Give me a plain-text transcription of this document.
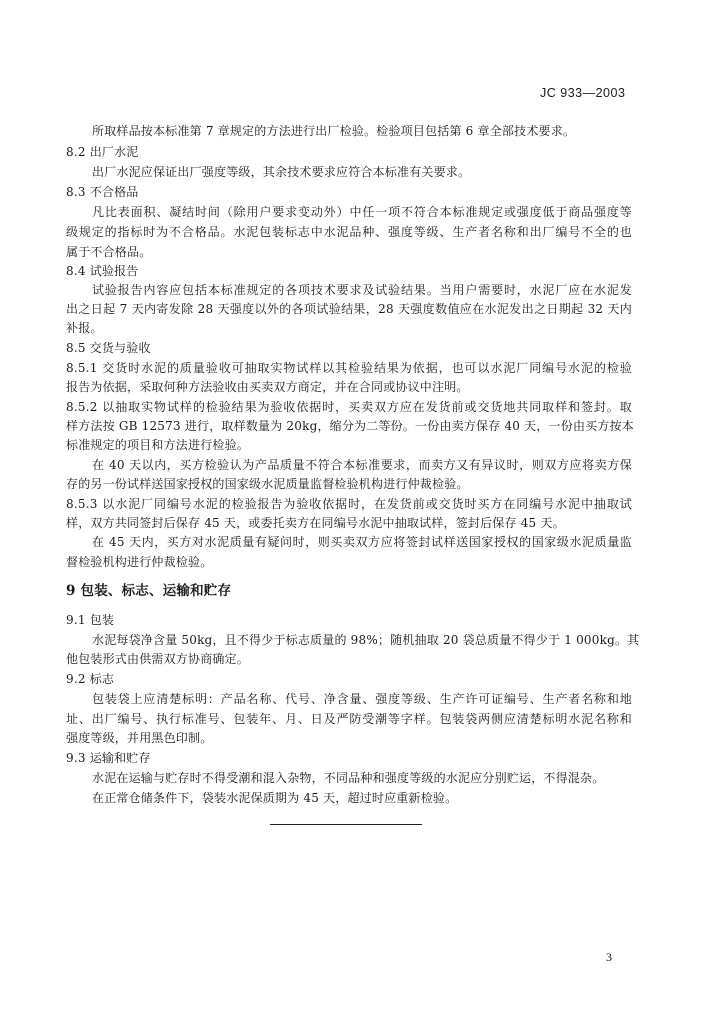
JC 933—2003
所取样品按本标准第 7 章规定的方法进行出厂检验。检验项目包括第 6 章全部技术要求。
8.2 出厂水泥
出厂水泥应保证出厂强度等级，其余技术要求应符合本标准有关要求。
8.3 不合格品
凡比表面积、凝结时间（除用户要求变动外）中任一项不符合本标准规定或强度低于商品强度等
级规定的指标时为不合格品。水泥包装标志中水泥品种、强度等级、生产者名称和出厂编号不全的也
属于不合格品。
8.4 试验报告
试验报告内容应包括本标准规定的各项技术要求及试验结果。当用户需要时，水泥厂应在水泥发
出之日起 7 天内寄发除 28 天强度以外的各项试验结果，28 天强度数值应在水泥发出之日期起 32 天内
补报。
8.5 交货与验收
8.5.1 交货时水泥的质量验收可抽取实物试样以其检验结果为依据，也可以水泥厂同编号水泥的检验
报告为依据，采取何种方法验收由买卖双方商定，并在合同或协议中注明。
8.5.2 以抽取实物试样的检验结果为验收依据时，买卖双方应在发货前或交货地共同取样和签封。取
样方法按 GB 12573 进行，取样数量为 20kg，缩分为二等份。一份由卖方保存 40 天，一份由买方按本
标准规定的项目和方法进行检验。
在 40 天以内，买方检验认为产品质量不符合本标准要求，而卖方又有异议时，则双方应将卖方保
存的另一份试样送国家授权的国家级水泥质量监督检验机构进行仲裁检验。
8.5.3 以水泥厂同编号水泥的检验报告为验收依据时，在发货前或交货时买方在同编号水泥中抽取试
样，双方共同签封后保存 45 天，或委托卖方在同编号水泥中抽取试样，签封后保存 45 天。
在 45 天内，买方对水泥质量有疑问时，则买卖双方应将签封试样送国家授权的国家级水泥质量监
督检验机构进行仲裁检验。
9 包装、标志、运输和贮存
9.1 包装
水泥每袋净含量 50kg，且不得少于标志质量的 98%；随机抽取 20 袋总质量不得少于 1 000kg。其
他包装形式由供需双方协商确定。
9.2 标志
包装袋上应清楚标明：产品名称、代号、净含量、强度等级、生产许可证编号、生产者名称和地
址、出厂编号、执行标准号、包装年、月、日及严防受潮等字样。包装袋两侧应清楚标明水泥名称和
强度等级，并用黑色印制。
9.3 运输和贮存
水泥在运输与贮存时不得受潮和混入杂物，不同品种和强度等级的水泥应分别贮运，不得混杂。
在正常仓储条件下，袋装水泥保质期为 45 天，超过时应重新检验。
3
